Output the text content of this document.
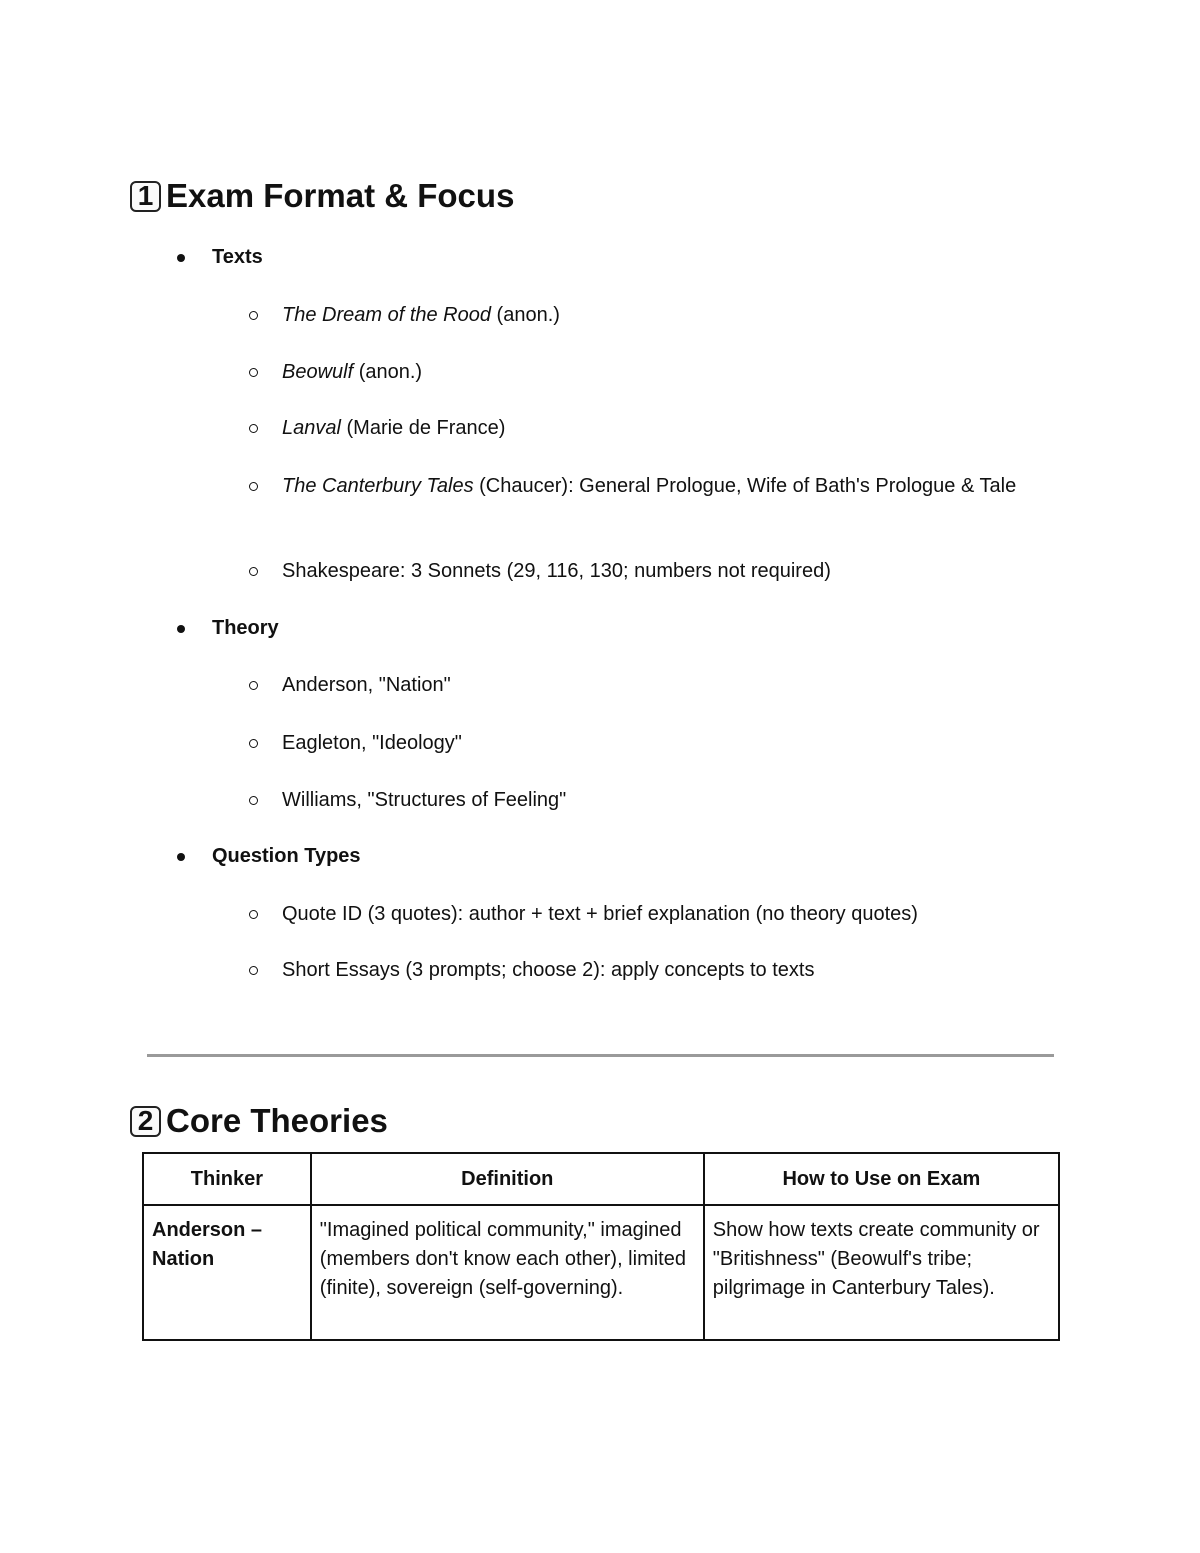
1 Exam Format & Focus
Texts
The Dream of the Rood (anon.)
Beowulf (anon.)
Lanval (Marie de France)
The Canterbury Tales (Chaucer): General Prologue, Wife of Bath's Prologue & Tale
Shakespeare: 3 Sonnets (29, 116, 130; numbers not required)
Theory
Anderson, "Nation"
Eagleton, "Ideology"
Williams, "Structures of Feeling"
Question Types
Quote ID (3 quotes): author + text + brief explanation (no theory quotes)
Short Essays (3 prompts; choose 2): apply concepts to texts
2 Core Theories
Thinker	Definition	How to Use on Exam
Anderson – Nation	"Imagined political community," imagined (members don't know each other), limited (finite), sovereign (self-governing).	Show how texts create community or "Britishness" (Beowulf's tribe; pilgrimage in Canterbury Tales).
